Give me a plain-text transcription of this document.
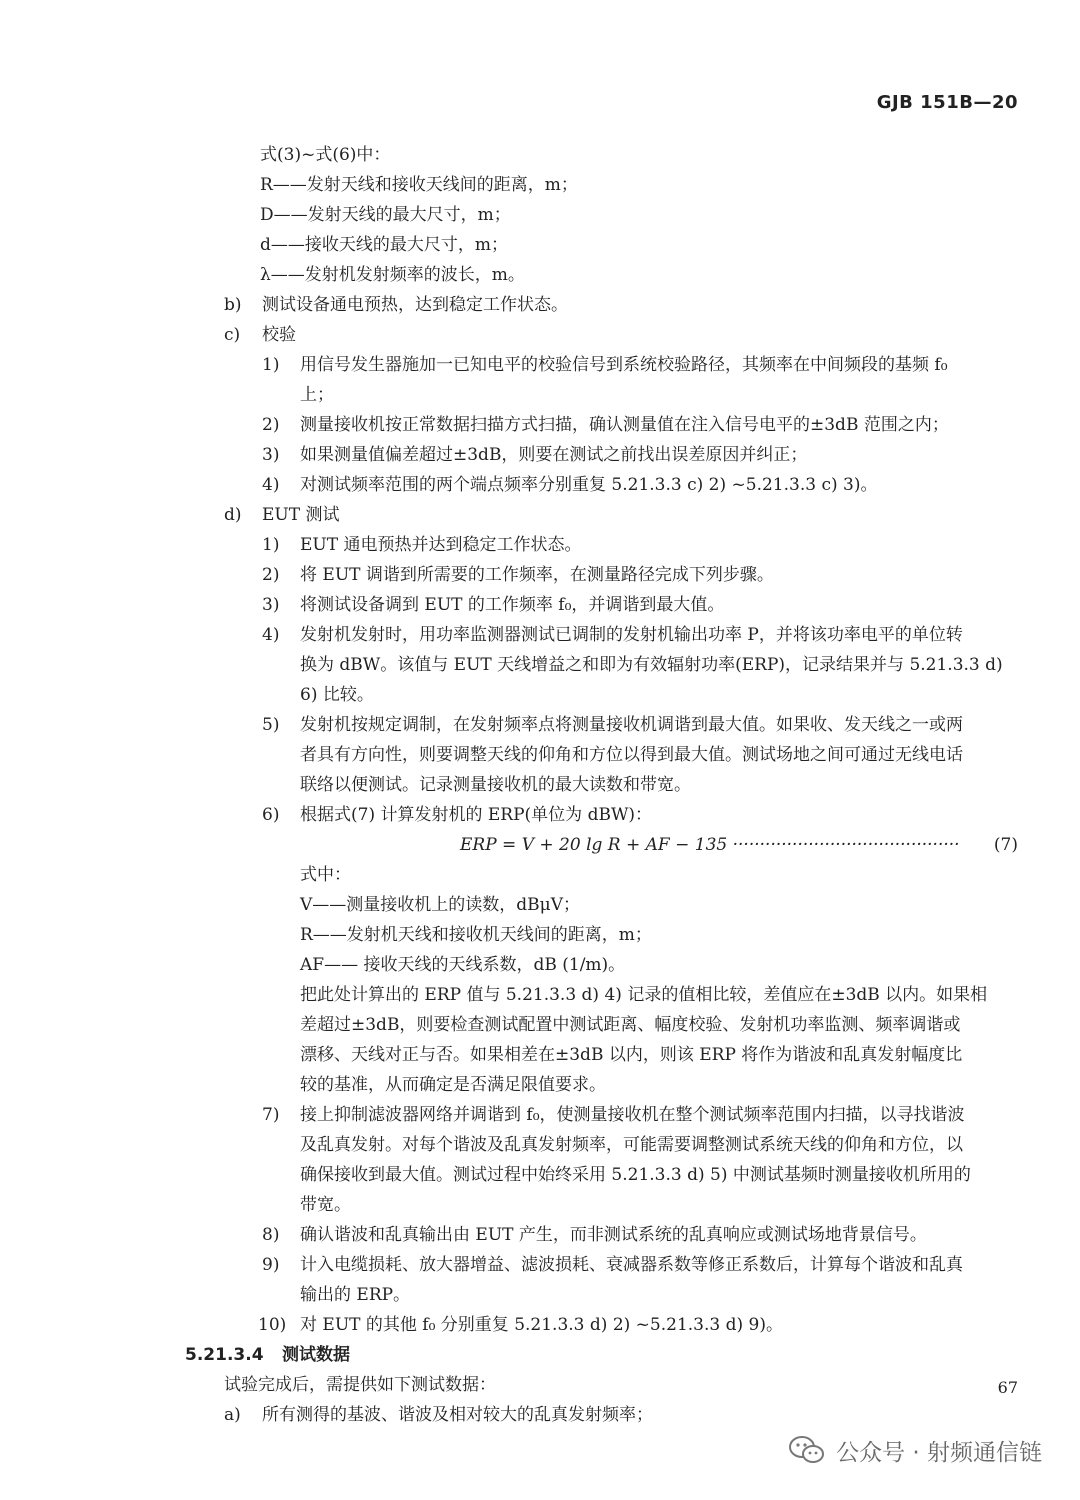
GJB 151B—20
式(3)~式(6)中：
R——发射天线和接收天线间的距离，m；
D——发射天线的最大尺寸，m；
d——接收天线的最大尺寸，m；
λ——发射机发射频率的波长，m。
b) 测试设备通电预热，达到稳定工作状态。
c) 校验
1) 用信号发生器施加一已知电平的校验信号到系统校验路径，其频率在中间频段的基频 f₀
上；
2) 测量接收机按正常数据扫描方式扫描，确认测量值在注入信号电平的±3dB 范围之内；
3) 如果测量值偏差超过±3dB，则要在测试之前找出误差原因并纠正；
4) 对测试频率范围的两个端点频率分别重复 5.21.3.3 c) 2) ~5.21.3.3 c) 3)。
d) EUT 测试
1) EUT 通电预热并达到稳定工作状态。
2) 将 EUT 调谐到所需要的工作频率，在测量路径完成下列步骤。
3) 将测试设备调到 EUT 的工作频率 f₀，并调谐到最大值。
4) 发射机发射时，用功率监测器测试已调制的发射机输出功率 P，并将该功率电平的单位转
换为 dBW。该值与 EUT 天线增益之和即为有效辐射功率(ERP)，记录结果并与 5.21.3.3 d)
6) 比较。
5) 发射机按规定调制，在发射频率点将测量接收机调谐到最大值。如果收、发天线之一或两
者具有方向性，则要调整天线的仰角和方位以得到最大值。测试场地之间可通过无线电话
联络以便测试。记录测量接收机的最大读数和带宽。
6) 根据式(7) 计算发射机的 ERP(单位为 dBW)：
ERP = V + 20 lg R + AF − 135 ·········································· (7)
式中：
V——测量接收机上的读数，dBμV；
R——发射机天线和接收机天线间的距离，m；
AF—— 接收天线的天线系数，dB (1/m)。
把此处计算出的 ERP 值与 5.21.3.3 d) 4) 记录的值相比较，差值应在±3dB 以内。如果相
差超过±3dB，则要检查测试配置中测试距离、幅度校验、发射机功率监测、频率调谐或
漂移、天线对正与否。如果相差在±3dB 以内，则该 ERP 将作为谐波和乱真发射幅度比
较的基准，从而确定是否满足限值要求。
7) 接上抑制滤波器网络并调谐到 f₀，使测量接收机在整个测试频率范围内扫描，以寻找谐波
及乱真发射。对每个谐波及乱真发射频率，可能需要调整测试系统天线的仰角和方位，以
确保接收到最大值。测试过程中始终采用 5.21.3.3 d) 5) 中测试基频时测量接收机所用的
带宽。
8) 确认谐波和乱真输出由 EUT 产生，而非测试系统的乱真响应或测试场地背景信号。
9) 计入电缆损耗、放大器增益、滤波损耗、衰减器系数等修正系数后，计算每个谐波和乱真
输出的 ERP。
10) 对 EUT 的其他 f₀ 分别重复 5.21.3.3 d) 2) ~5.21.3.3 d) 9)。
5.21.3.4 测试数据
试验完成后，需提供如下测试数据：
a) 所有测得的基波、谐波及相对较大的乱真发射频率；
67
公众号 · 射频通信链
